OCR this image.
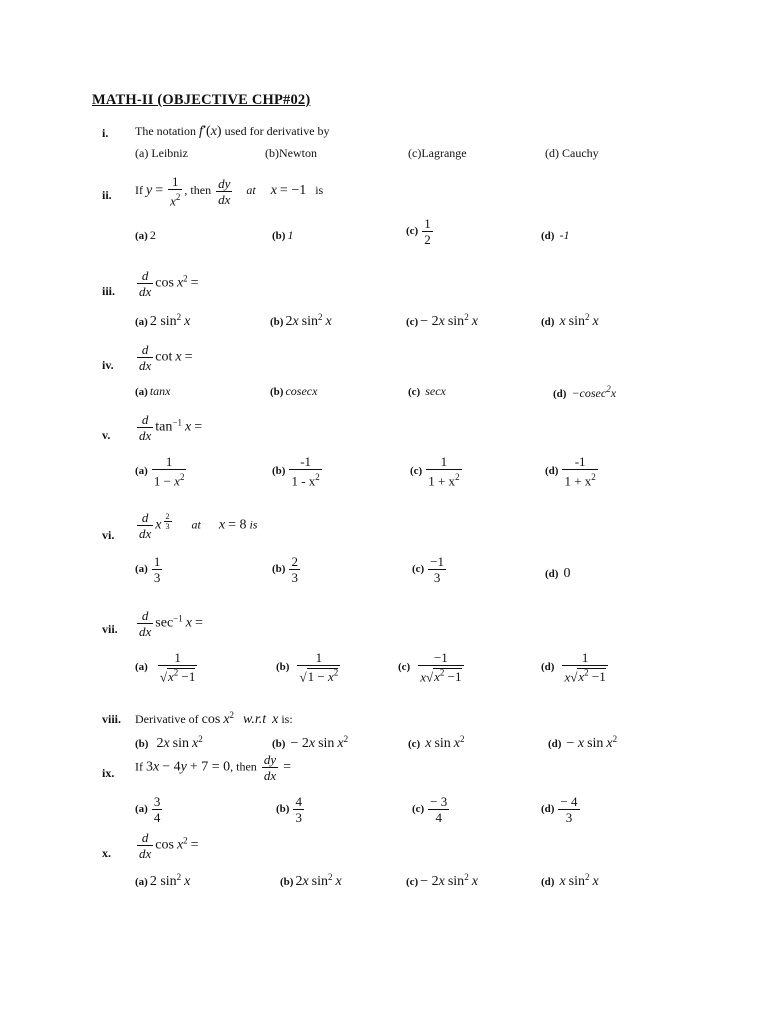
MATH-II (OBJECTIVE CHP#02)
i. The notation f•(x) used for derivative by
(a) Leibniz	(b)Newton	(c)Lagrange	(d) Cauchy
ii. If $y = \frac{1}{x^2}$ , then $\frac{dy}{dx}$ at x = −1   is
(a) 2	(b) 1	$(c) \frac{1}{2}$	(d) -1
iii. $\frac{d}{dx}$ $\cos x^2$ =
(a) 2 $\sin^2 x$	(b) 2x $\sin^2 x$	(c) − 2x $\sin^2 x$	(d) x $\sin^2 x$
iv. $\frac{d}{dx}$ cot x =
(a) tanx	(b) cosecx	(c) secx	(d) −cosec$^2$x
v. $\frac{d}{dx} \tan^{-1} x$ =
$(a) \frac{1}{1 - x^2}$	$(b) \frac{-1}{1 - x^2}$	$(c) \frac{1}{1 + x^2}$	$(d) \frac{-1}{1 + x^2}$
vi. $\frac{d}{dx}$ x $^{\frac{2}{3}}$ at x = 8 is
$(a) \frac{1}{3}$	$(b) \frac{2}{3}$	$(c) \frac{-1}{3}$	(d) 0
vii. $\frac{d}{dx} \sec^{-1} x$ =
$(a) \frac{1}{√x^2 -1}$	$(b) \frac{1}{√1 - x^2}$	$(c) \frac{-1}{x√x^2 -1}$	$(d) \frac{1}{x√x^2 -1}$
viii. Derivative of $\cos x^2$ w.r.t x is:
(b) 2x $\sin x^2$	(b) − 2x $\sin x^2$	(c) x $\sin x^2$	(d) − x $\sin x^2$
ix. If 3x − 4y + 7 = 0, then $\frac{dy}{dx}$ =
$(a) \frac{3}{4}$	$(b) \frac{4}{3}$	$(c) \frac{- 3}{4}$	$(d) \frac{- 4}{3}$
x. $\frac{d}{dx}$ $\cos x^2$ =
(a) 2 $\sin^2 x$	(b) 2x $\sin^2 x$	(c) − 2x $\sin^2 x$	(d) x $\sin^2 x$
